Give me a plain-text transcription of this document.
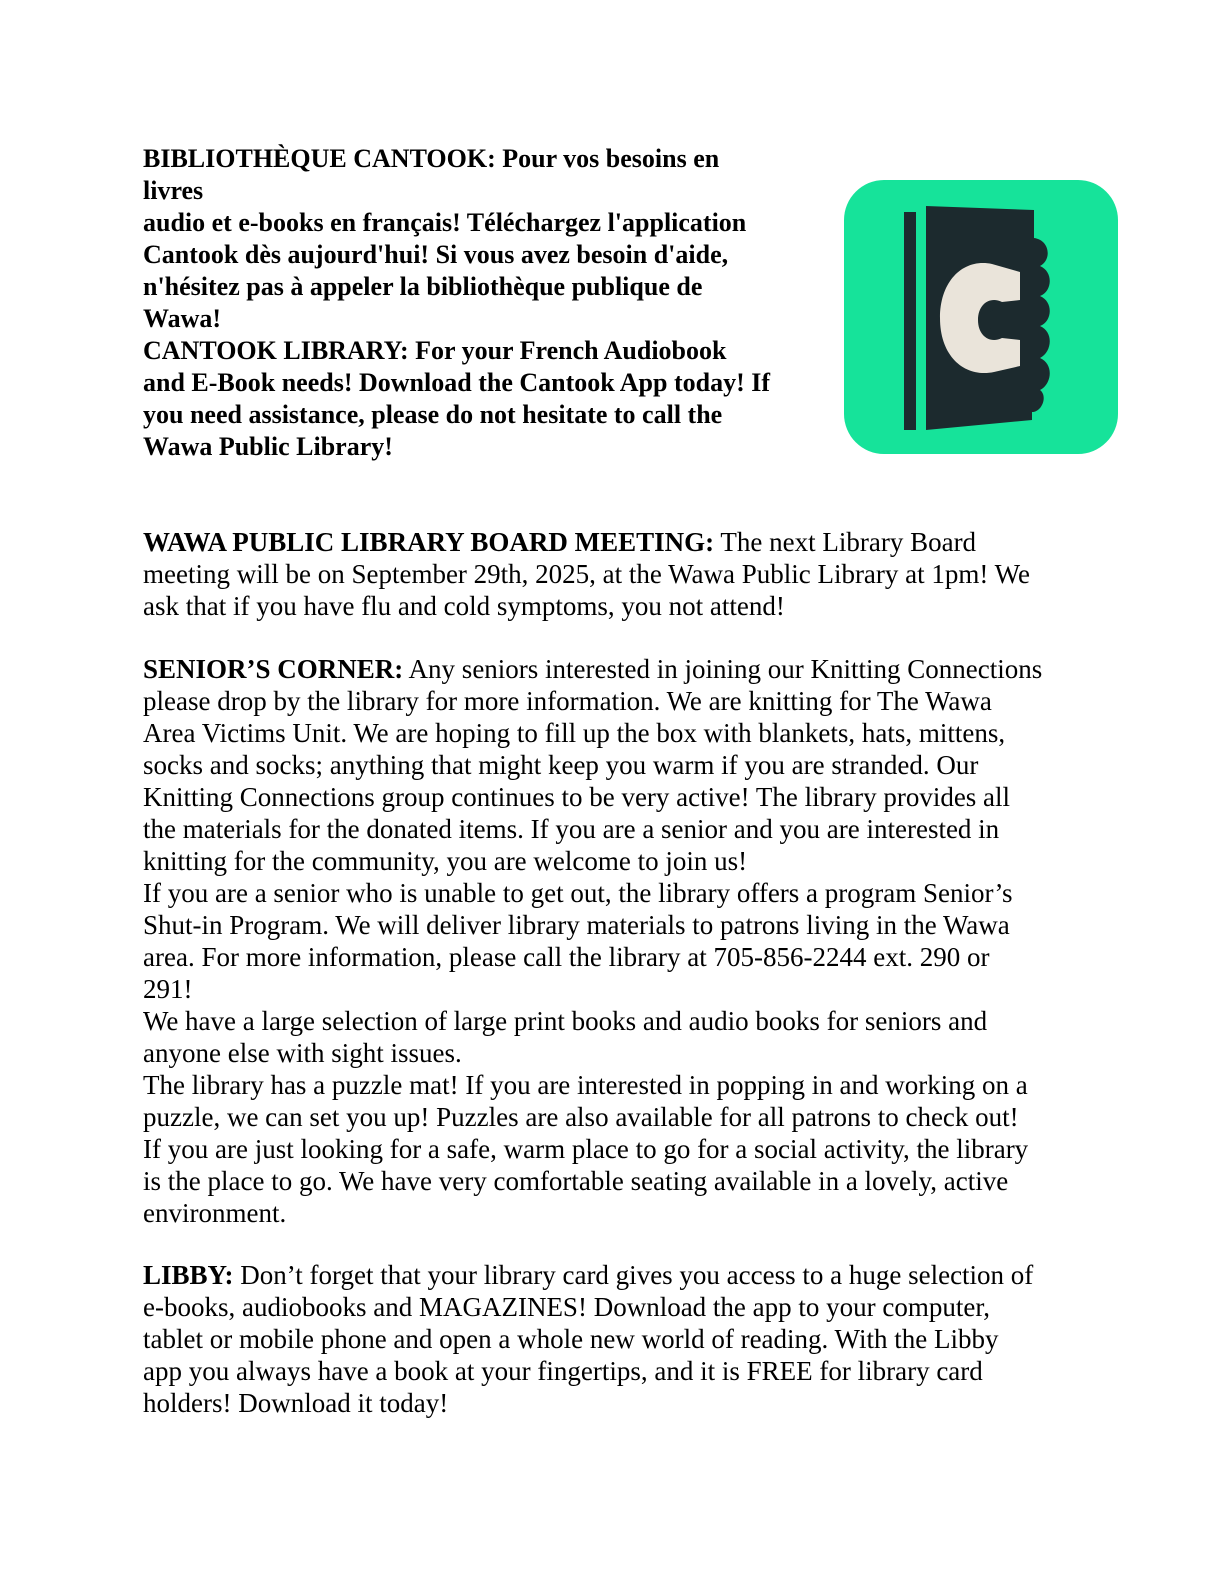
BIBLIOTHÈQUE CANTOOK: Pour vos besoins en
livres
audio et e-books en français! Téléchargez l'application
Cantook dès aujourd'hui! Si vous avez besoin d'aide,
n'hésitez pas à appeler la bibliothèque publique de
Wawa!
CANTOOK LIBRARY: For your French Audiobook
and E-Book needs! Download the Cantook App today! If
you need assistance, please do not hesitate to call the
Wawa Public Library!
WAWA PUBLIC LIBRARY BOARD MEETING: The next Library Board
meeting will be on September 29th, 2025, at the Wawa Public Library at 1pm! We
ask that if you have flu and cold symptoms, you not attend!
SENIOR’S CORNER: Any seniors interested in joining our Knitting Connections
please drop by the library for more information. We are knitting for The Wawa
Area Victims Unit. We are hoping to fill up the box with blankets, hats, mittens,
socks and socks; anything that might keep you warm if you are stranded. Our
Knitting Connections group continues to be very active! The library provides all
the materials for the donated items. If you are a senior and you are interested in
knitting for the community, you are welcome to join us!
If you are a senior who is unable to get out, the library offers a program Senior’s
Shut-in Program. We will deliver library materials to patrons living in the Wawa
area. For more information, please call the library at 705-856-2244 ext. 290 or
291!
We have a large selection of large print books and audio books for seniors and
anyone else with sight issues.
The library has a puzzle mat! If you are interested in popping in and working on a
puzzle, we can set you up! Puzzles are also available for all patrons to check out!
If you are just looking for a safe, warm place to go for a social activity, the library
is the place to go. We have very comfortable seating available in a lovely, active
environment.
LIBBY: Don’t forget that your library card gives you access to a huge selection of
e-books, audiobooks and MAGAZINES! Download the app to your computer,
tablet or mobile phone and open a whole new world of reading. With the Libby
app you always have a book at your fingertips, and it is FREE for library card
holders! Download it today!
